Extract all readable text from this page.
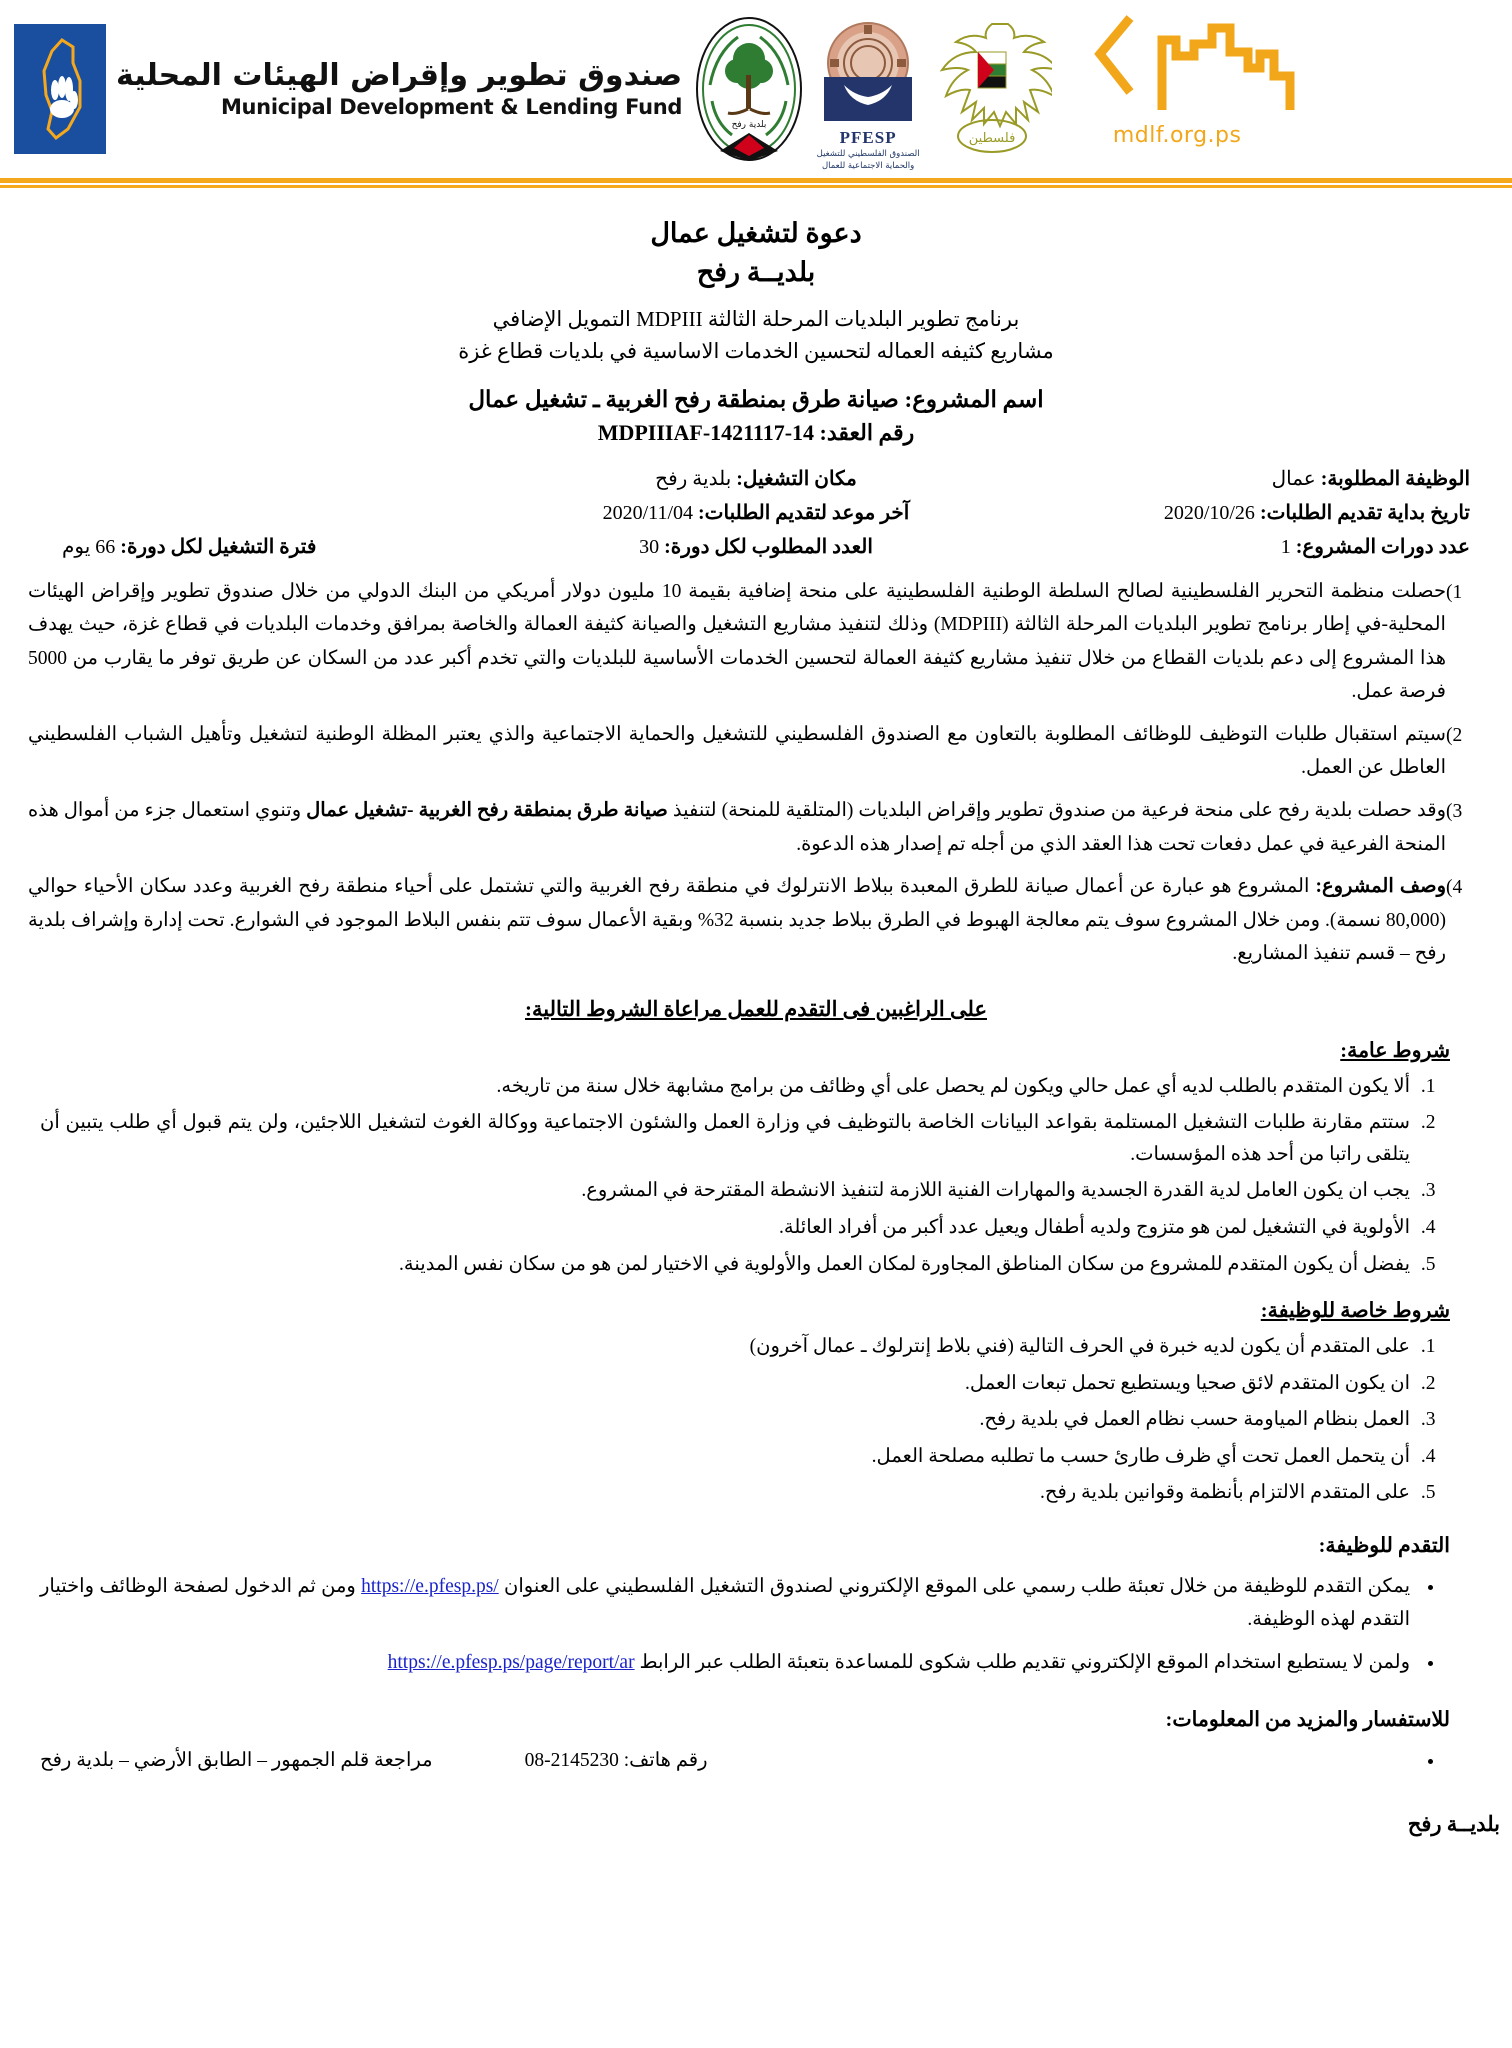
صندوق تطوير وإقراض الهيئات المحلية
Municipal Development & Lending Fund
بلدية رفح
PFESP
الصندوق الفلسطيني للتشغيل
والحماية الاجتماعية للعمال
فلسطين	mdlf.org.ps
دعوة لتشغيل عمال
بلديــة رفح
برنامج تطوير البلديات المرحلة الثالثة MDPIII التمويل الإضافي
مشاريع كثيفه العماله لتحسين الخدمات الاساسية في بلديات قطاع غزة
اسم المشروع: صيانة طرق بمنطقة رفح الغربية ـ تشغيل عمال
رقم العقد: MDPIIIAF-1421117-14
الوظيفة المطلوبة: عمال
مكان التشغيل: بلدية رفح
تاريخ بداية تقديم الطلبات: 2020/10/26
آخر موعد لتقديم الطلبات: 2020/11/04
عدد دورات المشروع: 1
العدد المطلوب لكل دورة: 30
فترة التشغيل لكل دورة: 66 يوم
1)
حصلت منظمة التحرير الفلسطينية لصالح السلطة الوطنية الفلسطينية على منحة إضافية بقيمة 10 مليون دولار أمريكي من البنك الدولي من خلال صندوق تطوير وإقراض الهيئات المحلية-في إطار برنامج تطوير البلديات المرحلة الثالثة (MDPIII) وذلك لتنفيذ مشاريع التشغيل والصيانة كثيفة العمالة والخاصة بمرافق وخدمات البلديات في قطاع غزة، حيث يهدف هذا المشروع إلى دعم بلديات القطاع من خلال تنفيذ مشاريع كثيفة العمالة لتحسين الخدمات الأساسية للبلديات والتي تخدم أكبر عدد من السكان عن طريق توفر ما يقارب من 5000 فرصة عمل.
2)
سيتم استقبال طلبات التوظيف للوظائف المطلوبة بالتعاون مع الصندوق الفلسطيني للتشغيل والحماية الاجتماعية والذي يعتبر المظلة الوطنية لتشغيل وتأهيل الشباب الفلسطيني العاطل عن العمل.
3)
وقد حصلت بلدية رفح على منحة فرعية من صندوق تطوير وإقراض البلديات (المتلقية للمنحة) لتنفيذ صيانة طرق بمنطقة رفح الغربية -تشغيل عمال وتنوي استعمال جزء من أموال هذه المنحة الفرعية في عمل دفعات تحت هذا العقد الذي من أجله تم إصدار هذه الدعوة.
4)
وصف المشروع: المشروع هو عبارة عن أعمال صيانة للطرق المعبدة ببلاط الانترلوك في منطقة رفح الغربية والتي تشتمل على أحياء منطقة رفح الغربية وعدد سكان الأحياء حوالي (80,000 نسمة). ومن خلال المشروع سوف يتم معالجة الهبوط في الطرق ببلاط جديد بنسبة 32% وبقية الأعمال سوف تتم بنفس البلاط الموجود في الشوارع. تحت إدارة وإشراف بلدية رفح – قسم تنفيذ المشاريع.
على الراغبين فى التقدم للعمل مراعاة الشروط التالية:
شروط عامة:
1. ألا يكون المتقدم بالطلب لديه أي عمل حالي ويكون لم يحصل على أي وظائف من برامج مشابهة خلال سنة من تاريخه.
2. ستتم مقارنة طلبات التشغيل المستلمة بقواعد البيانات الخاصة بالتوظيف في وزارة العمل والشئون الاجتماعية ووكالة الغوث لتشغيل اللاجئين، ولن يتم قبول أي طلب يتبين أن يتلقى راتبا من أحد هذه المؤسسات.
3. يجب ان يكون العامل لدية القدرة الجسدية والمهارات الفنية اللازمة لتنفيذ الانشطة المقترحة في المشروع.
4. الأولوية في التشغيل لمن هو متزوج ولديه أطفال ويعيل عدد أكبر من أفراد العائلة.
5. يفضل أن يكون المتقدم للمشروع من سكان المناطق المجاورة لمكان العمل والأولوية في الاختيار لمن هو من سكان نفس المدينة.
شروط خاصة للوظيفة:
1. على المتقدم أن يكون لديه خبرة في الحرف التالية (فني بلاط إنترلوك ـ عمال آخرون)
2. ان يكون المتقدم لائق صحيا ويستطيع تحمل تبعات العمل.
3. العمل بنظام المياومة حسب نظام العمل في بلدية رفح.
4. أن يتحمل العمل تحت أي ظرف طارئ حسب ما تطلبه مصلحة العمل.
5. على المتقدم الالتزام بأنظمة وقوانين بلدية رفح.
التقدم للوظيفة:
• يمكن التقدم للوظيفة من خلال تعبئة طلب رسمي على الموقع الإلكتروني لصندوق التشغيل الفلسطيني على العنوان https://e.pfesp.ps/ ومن ثم الدخول لصفحة الوظائف واختيار التقدم لهذه الوظيفة.
• ولمن لا يستطيع استخدام الموقع الإلكتروني تقديم طلب شكوى للمساعدة بتعبئة الطلب عبر الرابط https://e.pfesp.ps/page/report/ar
للاستفسار والمزيد من المعلومات:
• مراجعة قلم الجمهور – الطابق الأرضي – بلدية رفح	رقم هاتف: 08-2145230
بلديــة رفح
